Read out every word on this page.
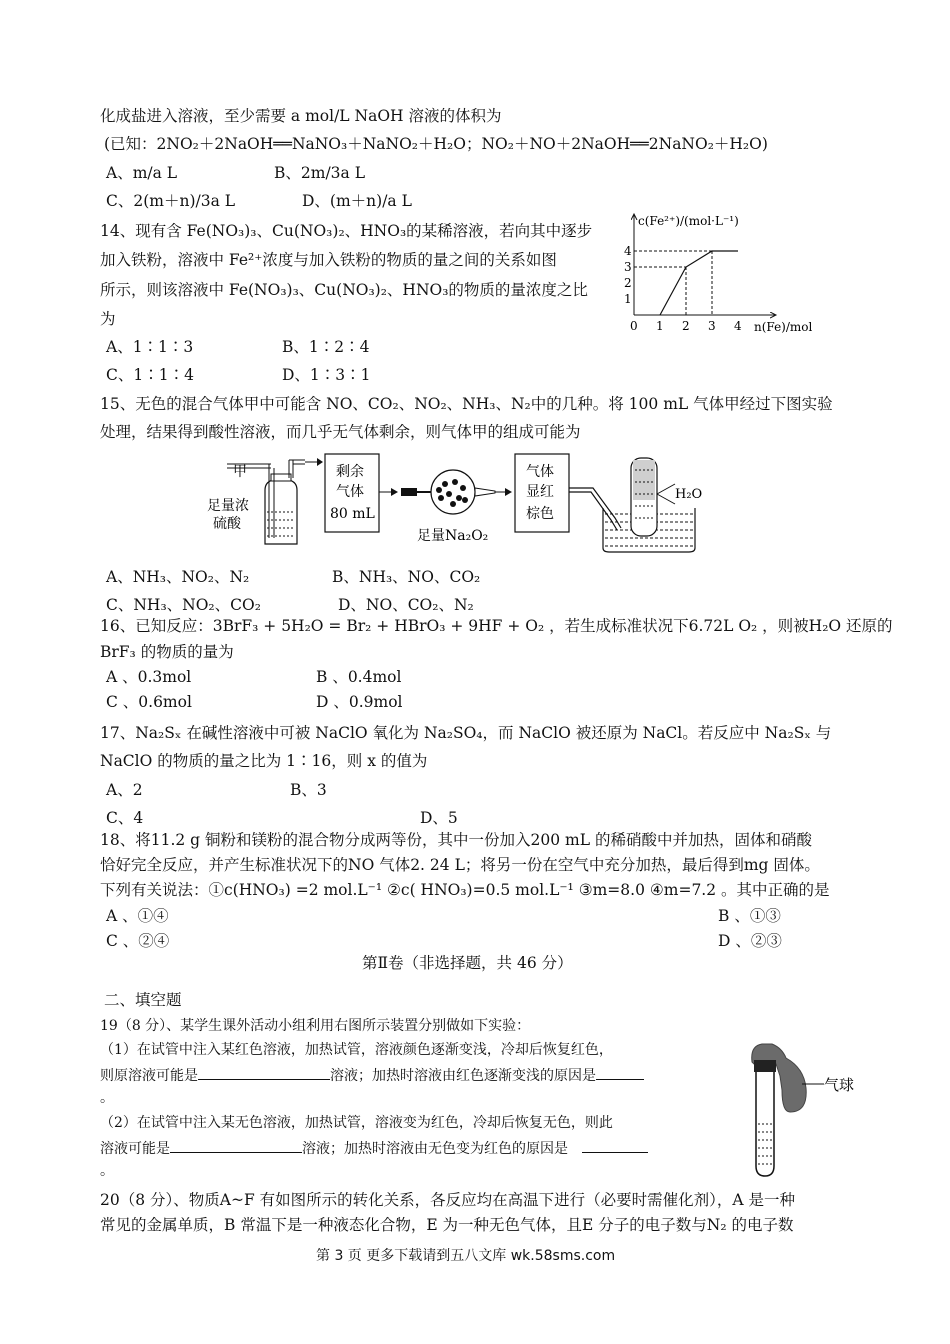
化成盐进入溶液，至少需要 a mol/L NaOH 溶液的体积为
(已知：2NO₂＋2NaOH══NaNO₃＋NaNO₂＋H₂O；NO₂＋NO＋2NaOH══2NaNO₂＋H₂O)
A、m/a L	B、2m/3a L
C、2(m＋n)/3a L	D、(m＋n)/a L
14、现有含 Fe(NO₃)₃、Cu(NO₃)₂、HNO₃的某稀溶液，若向其中逐步
加入铁粉，溶液中 Fe²⁺浓度与加入铁粉的物质的量之间的关系如图
所示，则该溶液中 Fe(NO₃)₃、Cu(NO₃)₂、HNO₃的物质的量浓度之比
为
A、1∶1∶3	B、1∶2∶4
C、1∶1∶4	D、1∶3∶1
c(Fe²⁺)/(mol·L⁻¹)
n(Fe)/mol
1
2
3
4
0 1 2 3 4
15、无色的混合气体甲中可能含 NO、CO₂、NO₂、NH₃、N₂中的几种。将 100 mL 气体甲经过下图实验
处理，结果得到酸性溶液，而几乎无气体剩余，则气体甲的组成可能为
甲
足量浓
硫酸
剩余
气体
80 mL
足量Na₂O₂
气体
显红
棕色
H₂O
A、NH₃、NO₂、N₂	B、NH₃、NO、CO₂
C、NH₃、NO₂、CO₂	D、NO、CO₂、N₂
16、已知反应：3BrF₃ + 5H₂O = Br₂ + HBrO₃ + 9HF + O₂ ，若生成标准状况下6.72L O₂ ，则被H₂O 还原的
BrF₃ 的物质的量为
A 、0.3mol	B 、0.4mol
C 、0.6mol	D 、0.9mol
17、Na₂Sₓ 在碱性溶液中可被 NaClO 氧化为 Na₂SO₄，而 NaClO 被还原为 NaCl。若反应中 Na₂Sₓ 与
NaClO 的物质的量之比为 1∶16，则 x 的值为
A、2	B、3
C、4	D、5
18、将11.2 g 铜粉和镁粉的混合物分成两等份，其中一份加入200 mL 的稀硝酸中并加热，固体和硝酸
恰好完全反应，并产生标准状况下的NO 气体2. 24 L；将另一份在空气中充分加热，最后得到mg 固体。
下列有关说法：①c(HNO₃) =2 mol.L⁻¹ ②c( HNO₃)=0.5 mol.L⁻¹ ③m=8.0 ④m=7.2 。其中正确的是
A 、①④	B 、①③
C 、②④	D 、②③
第Ⅱ卷（非选择题，共 46 分）
二、填空题
19（8 分）、某学生课外活动小组利用右图所示装置分别做如下实验：
（1）在试管中注入某红色溶液，加热试管，溶液颜色逐渐变浅，冷却后恢复红色，
则原溶液可能是	溶液；加热时溶液由红色逐渐变浅的原因是
。
（2）在试管中注入某无色溶液，加热试管，溶液变为红色，冷却后恢复无色，则此
溶液可能是	溶液；加热时溶液由无色变为红色的原因是
。
气球
20（8 分）、物质A~F 有如图所示的转化关系，各反应均在高温下进行（必要时需催化剂），A 是一种
常见的金属单质，B 常温下是一种液态化合物，E 为一种无色气体，且E 分子的电子数与N₂ 的电子数
第 3 页 更多下载请到五八文库 wk.58sms.com
